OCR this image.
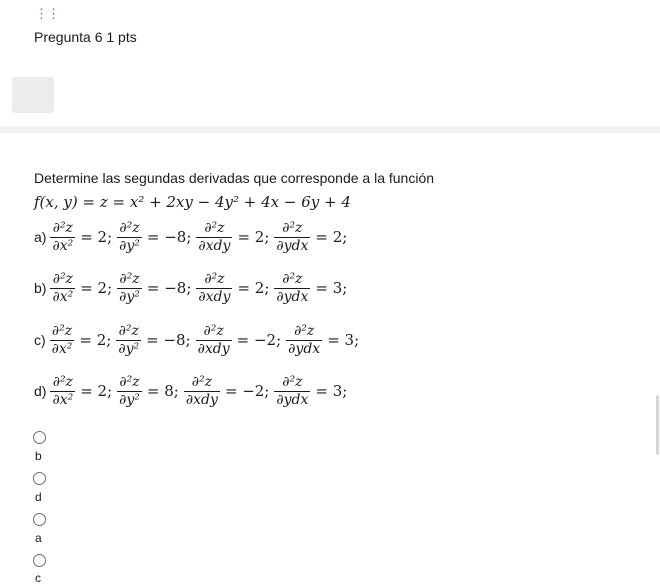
⋮⋮
Pregunta 6 1 pts
Determine las segundas derivadas que corresponde a la función
f(x, y) = z = x² + 2xy − 4y² + 4x − 6y + 4
$a) \frac{\text{∂²z}}{\text{∂x²}} = 2$; $\frac{\text{∂²z}}{\text{∂y²}} = -8$; $\frac{\text{∂²z}}{\text{∂xdy}} = 2$; $\frac{\text{∂²z}}{\text{∂ydx}} = 2$;
$b) \frac{\text{∂²z}}{\text{∂x²}} = 2$; $\frac{\text{∂²z}}{\text{∂y²}} = -8$; $\frac{\text{∂²z}}{\text{∂xdy}} = 2$; $\frac{\text{∂²z}}{\text{∂ydx}} = 3$;
$c) \frac{\text{∂²z}}{\text{∂x²}} = 2$; $\frac{\text{∂²z}}{\text{∂y²}} = -8$; $\frac{\text{∂²z}}{\text{∂xdy}} = -2$; $\frac{\text{∂²z}}{\text{∂ydx}} = 3$;
$d) \frac{\text{∂²z}}{\text{∂x²}} = 2$; $\frac{\text{∂²z}}{\text{∂y²}} = 8$; $\frac{\text{∂²z}}{\text{∂xdy}} = -2$; $\frac{\text{∂²z}}{\text{∂ydx}} = 3$;
b
d
a
c
